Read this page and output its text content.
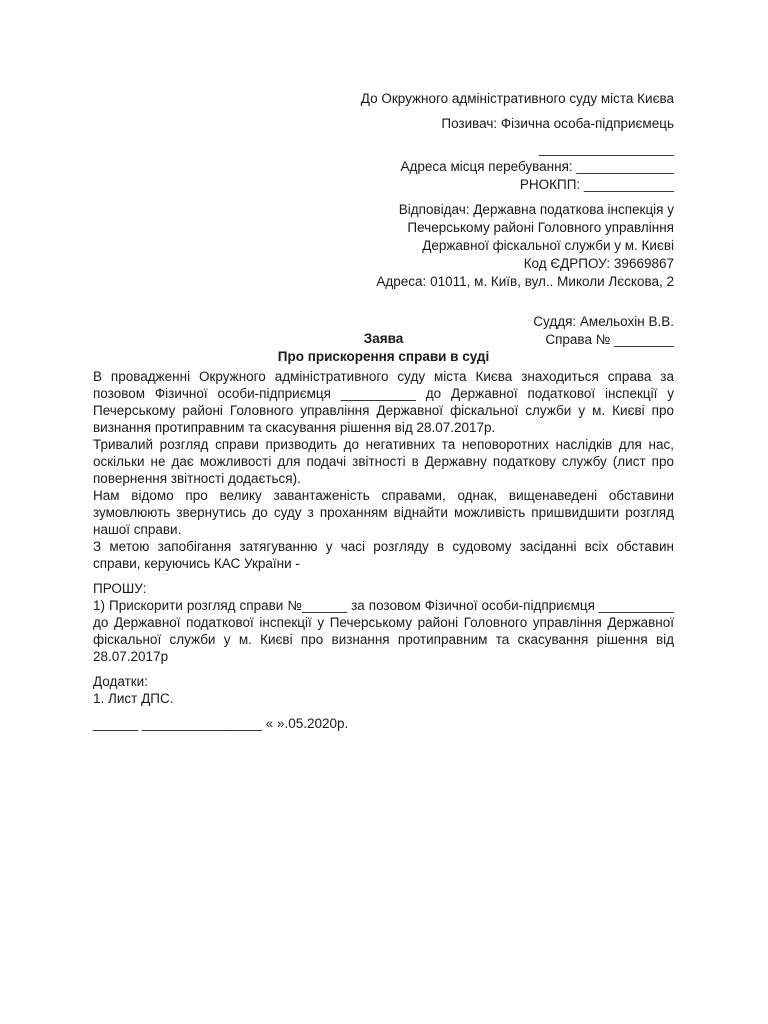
До Окружного адміністративного суду міста Києва
Позивач: Фізична особа-підприємець
__________________
Адреса місця перебування: _____________
РНОКПП: ____________
Відповідач: Державна податкова інспекція у
Печерському районі Головного управління
Державної фіскальної служби у м. Києві
Код ЄДРПОУ: 39669867
Адреса: 01011, м. Київ, вул.. Миколи Лєскова, 2
Суддя: Амельохін В.В.
Справа № ________
Заява
Про прискорення справи в суді

В провадженні Окружного адміністративного суду міста Києва знаходиться справа за позовом Фізичної особи-підприємця __________ до Державної податкової інспекції у Печерському районі Головного управління Державної фіскальної служби у м. Києві про визнання протиправним та скасування рішення від 28.07.2017р.

Тривалий розгляд справи призводить до негативних та неповоротних наслідків для нас, оскільки не дає можливості для подачі звітності в Державну податкову службу (лист про повернення звітності додається).

Нам відомо про велику завантаженість справами, однак, вищенаведені обставини зумовлюють звернутись до суду з проханням віднайти можливість пришвидшити розгляд нашої справи.

З метою запобігання затягуванню у часі розгляду в судовому засіданні всіх обставин справи, керуючись КАС України -

ПРОШУ:

1) Прискорити розгляд справи №______ за позовом Фізичної особи-підприємця __________ до Державної податкової інспекції у Печерському районі Головного управління Державної фіскальної служби у м. Києві про визнання протиправним та скасування рішення від 28.07.2017р

Додатки:

1. Лист ДПС.

______ ________________ « ».05.2020р.
